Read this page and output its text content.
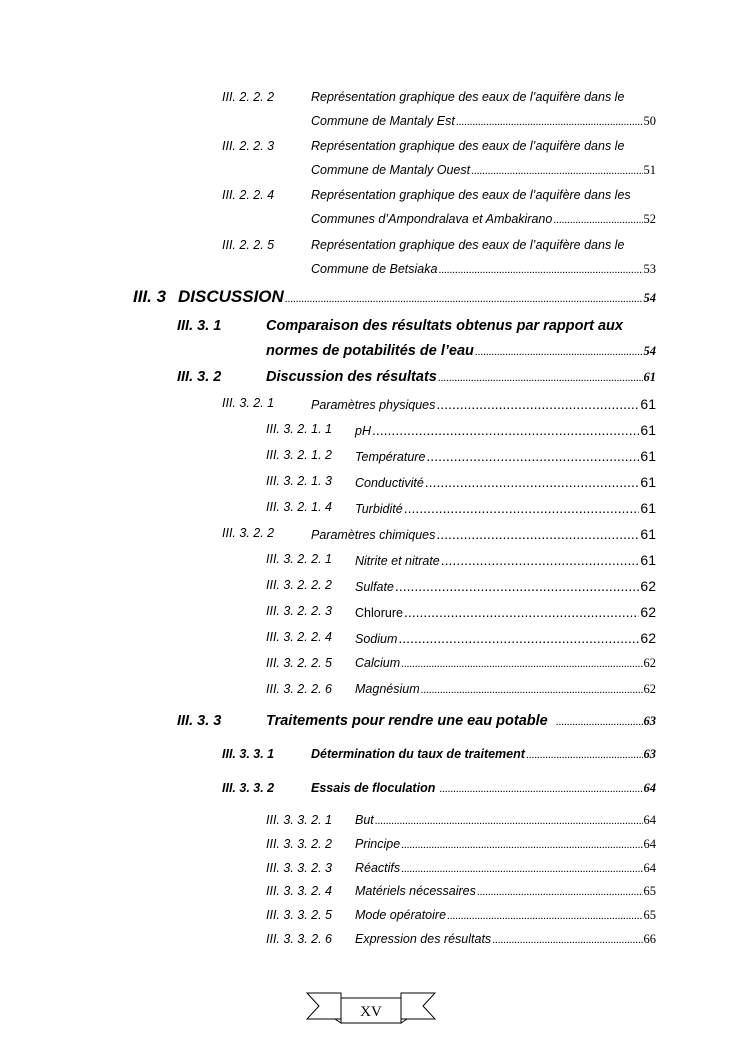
III. 2. 2. 2	Représentation graphique des eaux de l’aquifère dans le
Commune de Mantaly Est .....	50
III. 2. 2. 3	Représentation graphique des eaux de l’aquifère dans le
Commune de Mantaly Ouest .....	51
III. 2. 2. 4	Représentation graphique des eaux de l’aquifère dans les
Communes d’Ampondralava et Ambakirano .....	52
III. 2. 2. 5	Représentation graphique des eaux de l’aquifère dans le
Commune de Betsiaka .....	53
III. 3 DISCUSSION .....	54
III. 3. 1	Comparaison des résultats obtenus par rapport aux
normes de potabilités de l’eau .....	54
III. 3. 2	Discussion des résultats .....	61
III. 3. 2. 1	Paramètres physiques .....	61
III. 3. 2. 1. 1 pH .....	61
III. 3. 2. 1. 2 Température .....	61
III. 3. 2. 1. 3 Conductivité .....	61
III. 3. 2. 1. 4 Turbidité .....	61
III. 3. 2. 2	Paramètres chimiques .....	61
III. 3. 2. 2. 1 Nitrite et nitrate .....	61
III. 3. 2. 2. 2 Sulfate .....	62
III. 3. 2. 2. 3 Chlorure .....	62
III. 3. 2. 2. 4 Sodium .....	62
III. 3. 2. 2. 5 Calcium .....	62
III. 3. 2. 2. 6 Magnésium .....	62
III. 3. 3	Traitements pour rendre une eau potable .....	63
III. 3. 3. 1	Détermination du taux de traitement .....	63
III. 3. 3. 2	Essais de floculation .....	64
III. 3. 3. 2. 1 But .....	64
III. 3. 3. 2. 2 Principe .....	64
III. 3. 3. 2. 3 Réactifs .....	64
III. 3. 3. 2. 4 Matériels nécessaires .....	65
III. 3. 3. 2. 5 Mode opératoire .....	65
III. 3. 3. 2. 6 Expression des résultats .....	66
XV
